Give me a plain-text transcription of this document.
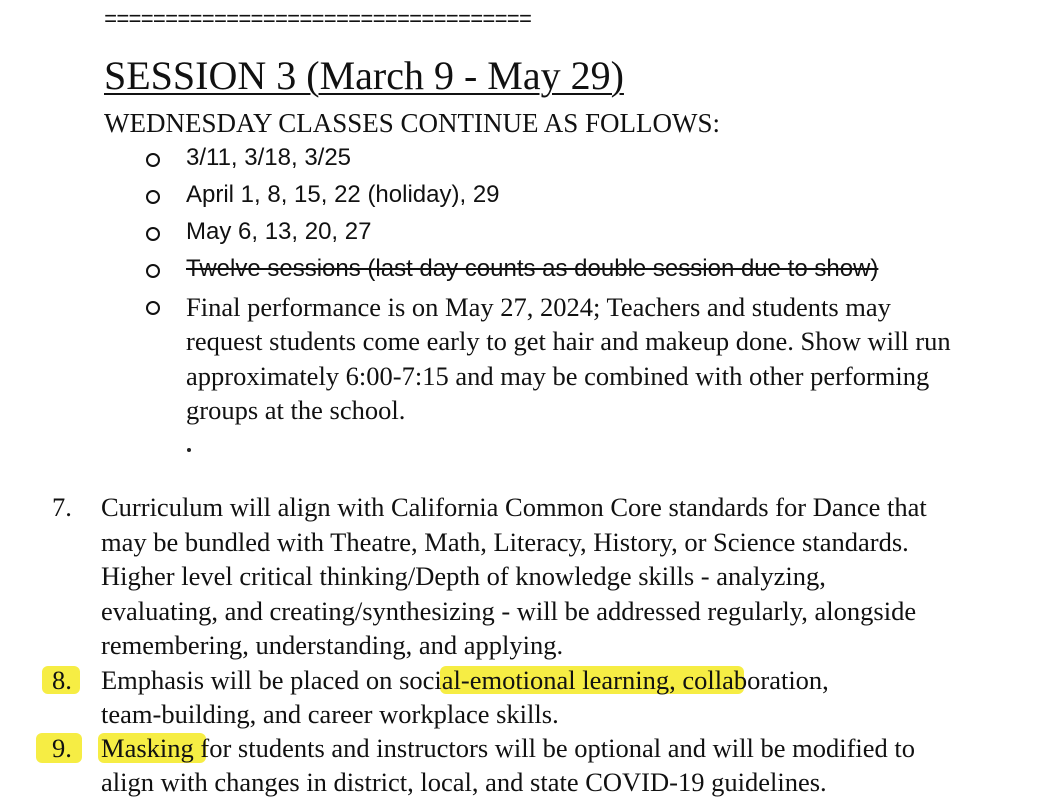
===================================
SESSION 3 (March 9 - May 29)
WEDNESDAY CLASSES CONTINUE AS FOLLOWS:
3/11, 3/18, 3/25
April 1, 8, 15, 22 (holiday), 29
May 6, 13, 20, 27
Twelve sessions (last day counts as double session due to show)
Final performance is on May 27, 2024; Teachers and students may
request students come early to get hair and makeup done. Show will run
approximately 6:00-7:15 and may be combined with other performing
groups at the school.
7. Curriculum will align with California Common Core standards for Dance that
may be bundled with Theatre, Math, Literacy, History, or Science standards.
Higher level critical thinking/Depth of knowledge skills - analyzing,
evaluating, and creating/synthesizing - will be addressed regularly, alongside
remembering, understanding, and applying.
8. Emphasis will be placed on social-emotional learning, collaboration,
team-building, and career workplace skills.
9. Masking for students and instructors will be optional and will be modified to
align with changes in district, local, and state COVID-19 guidelines.
